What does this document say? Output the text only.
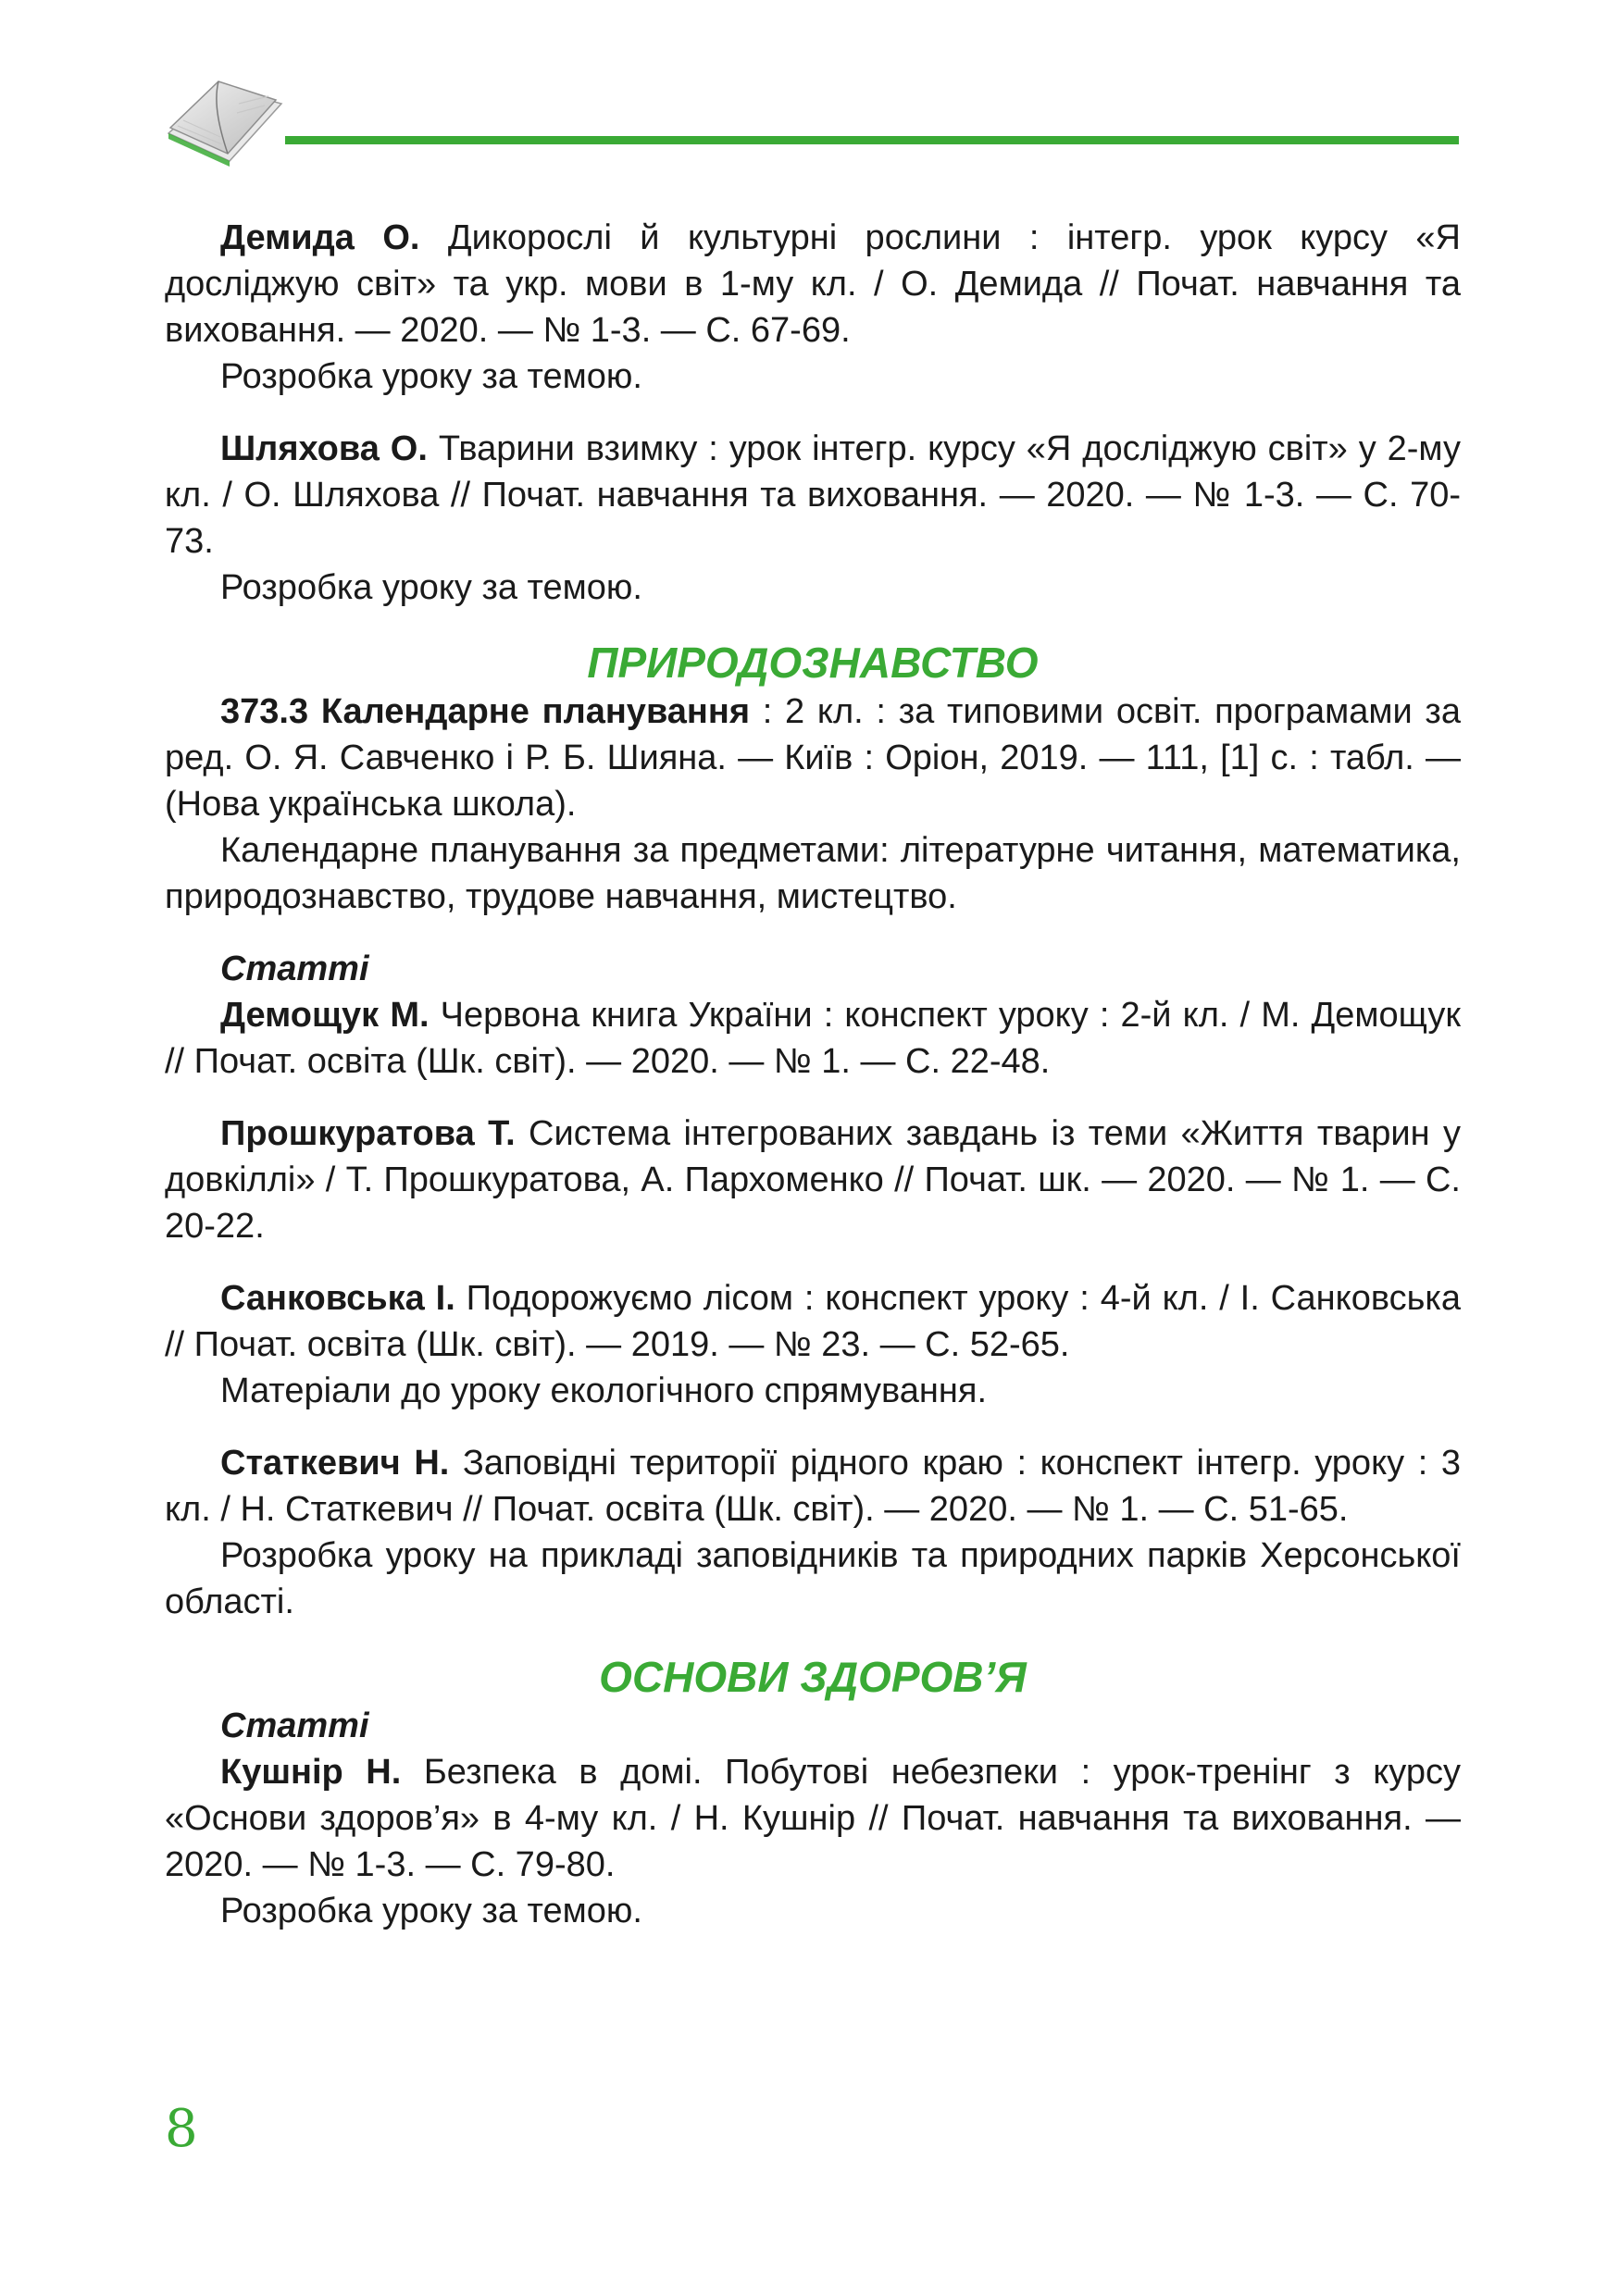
Демида О. Дикорослі й культурні рослини : інтегр. урок курсу «Я досліджую світ» та укр. мови в 1-му кл. / О. Демида // Почат. навчання та виховання. — 2020. — № 1-3. — С. 67-69.

Розробка уроку за темою.

Шляхова О. Тварини взимку : урок інтегр. курсу «Я досліджую світ» у 2-му кл. / О. Шляхова // Почат. навчання та виховання. — 2020. — № 1-3. — С. 70-73.

Розробка уроку за темою.

ПРИРОДОЗНАВСТВО

373.3 Календарне планування : 2 кл. : за типовими освіт. програмами за ред. О. Я. Савченко і Р. Б. Шияна. — Київ : Оріон, 2019. — 111, [1] с. : табл. — (Нова українська школа).

Календарне планування за предметами: літературне читання, математика, природознавство, трудове навчання, мистецтво.

Статті

Демощук М. Червона книга України : конспект уроку : 2-й кл. / М. Демощук // Почат. освіта (Шк. світ). — 2020. — № 1. — С. 22-48.

Прошкуратова Т. Система інтегрованих завдань із теми «Життя тварин у довкіллі» / Т. Прошкуратова, А. Пархоменко // Почат. шк. — 2020. — № 1. — С. 20-22.

Санковська І. Подорожуємо лісом : конспект уроку : 4-й кл. / І. Санковська // Почат. освіта (Шк. світ). — 2019. — № 23. — С. 52-65.

Матеріали до уроку екологічного спрямування.

Статкевич Н. Заповідні території рідного краю : конспект інтегр. уроку : 3 кл. / Н. Статкевич // Почат. освіта (Шк. світ). — 2020. — № 1. — С. 51-65.

Розробка уроку на прикладі заповідників та природних парків Херсонської області.

ОСНОВИ ЗДОРОВ’Я

Статті

Кушнір Н. Безпека в домі. Побутові небезпеки : урок-тренінг з курсу «Основи здоров’я» в 4-му кл. / Н. Кушнір // Почат. навчання та виховання. — 2020. — № 1-3. — С. 79-80.

Розробка уроку за темою.

8
